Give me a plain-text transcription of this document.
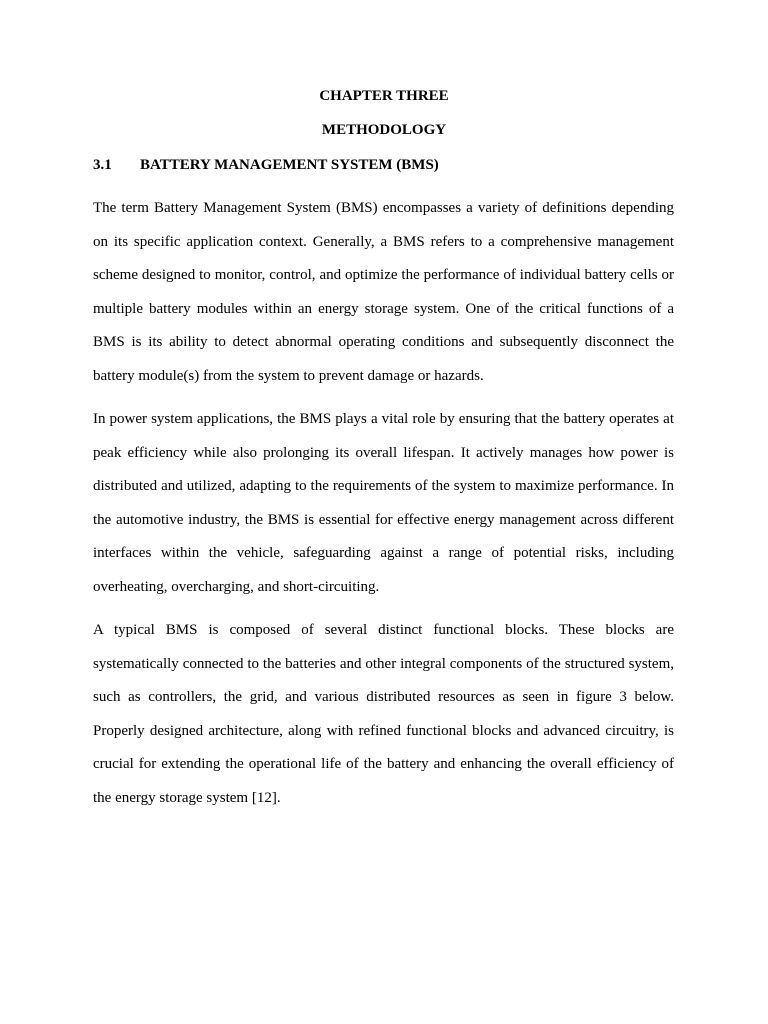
CHAPTER THREE
METHODOLOGY
3.1 BATTERY MANAGEMENT SYSTEM (BMS)

The term Battery Management System (BMS) encompasses a variety of definitions depending on its specific application context. Generally, a BMS refers to a comprehensive management scheme designed to monitor, control, and optimize the performance of individual battery cells or multiple battery modules within an energy storage system. One of the critical functions of a BMS is its ability to detect abnormal operating conditions and subsequently disconnect the battery module(s) from the system to prevent damage or hazards.

In power system applications, the BMS plays a vital role by ensuring that the battery operates at peak efficiency while also prolonging its overall lifespan. It actively manages how power is distributed and utilized, adapting to the requirements of the system to maximize performance. In the automotive industry, the BMS is essential for effective energy management across different interfaces within the vehicle, safeguarding against a range of potential risks, including overheating, overcharging, and short-circuiting.

A typical BMS is composed of several distinct functional blocks. These blocks are systematically connected to the batteries and other integral components of the structured system, such as controllers, the grid, and various distributed resources as seen in figure 3 below. Properly designed architecture, along with refined functional blocks and advanced circuitry, is crucial for extending the operational life of the battery and enhancing the overall efficiency of the energy storage system [12].
